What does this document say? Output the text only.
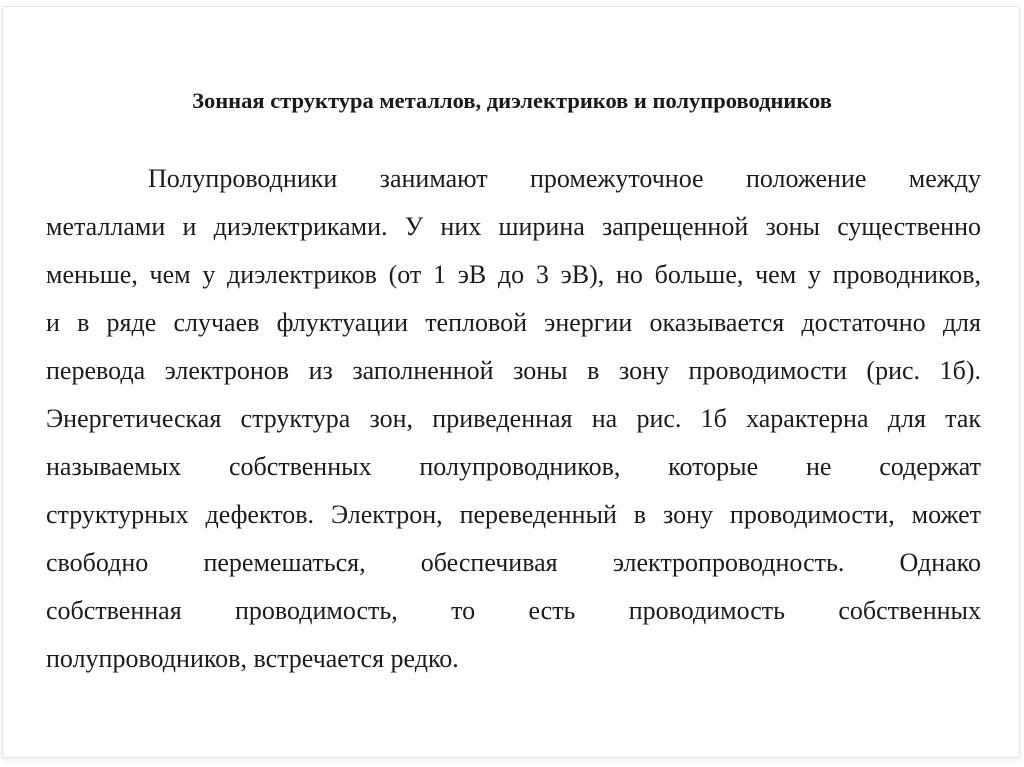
Зонная структура металлов, диэлектриков и полупроводников
Полупроводники занимают промежуточное положение между
металлами и диэлектриками. У них ширина запрещенной зоны существенно
меньше, чем у диэлектриков (от 1 эВ до 3 эВ), но больше, чем у проводников,
и в ряде случаев флуктуации тепловой энергии оказывается достаточно для
перевода электронов из заполненной зоны в зону проводимости (рис. 1б).
Энергетическая структура зон, приведенная на рис. 1б характерна для так
называемых собственных полупроводников, которые не содержат
структурных дефектов. Электрон, переведенный в зону проводимости, может
свободно перемешаться, обеспечивая электропроводность. Однако
собственная проводимость, то есть проводимость собственных
полупроводников, встречается редко.
